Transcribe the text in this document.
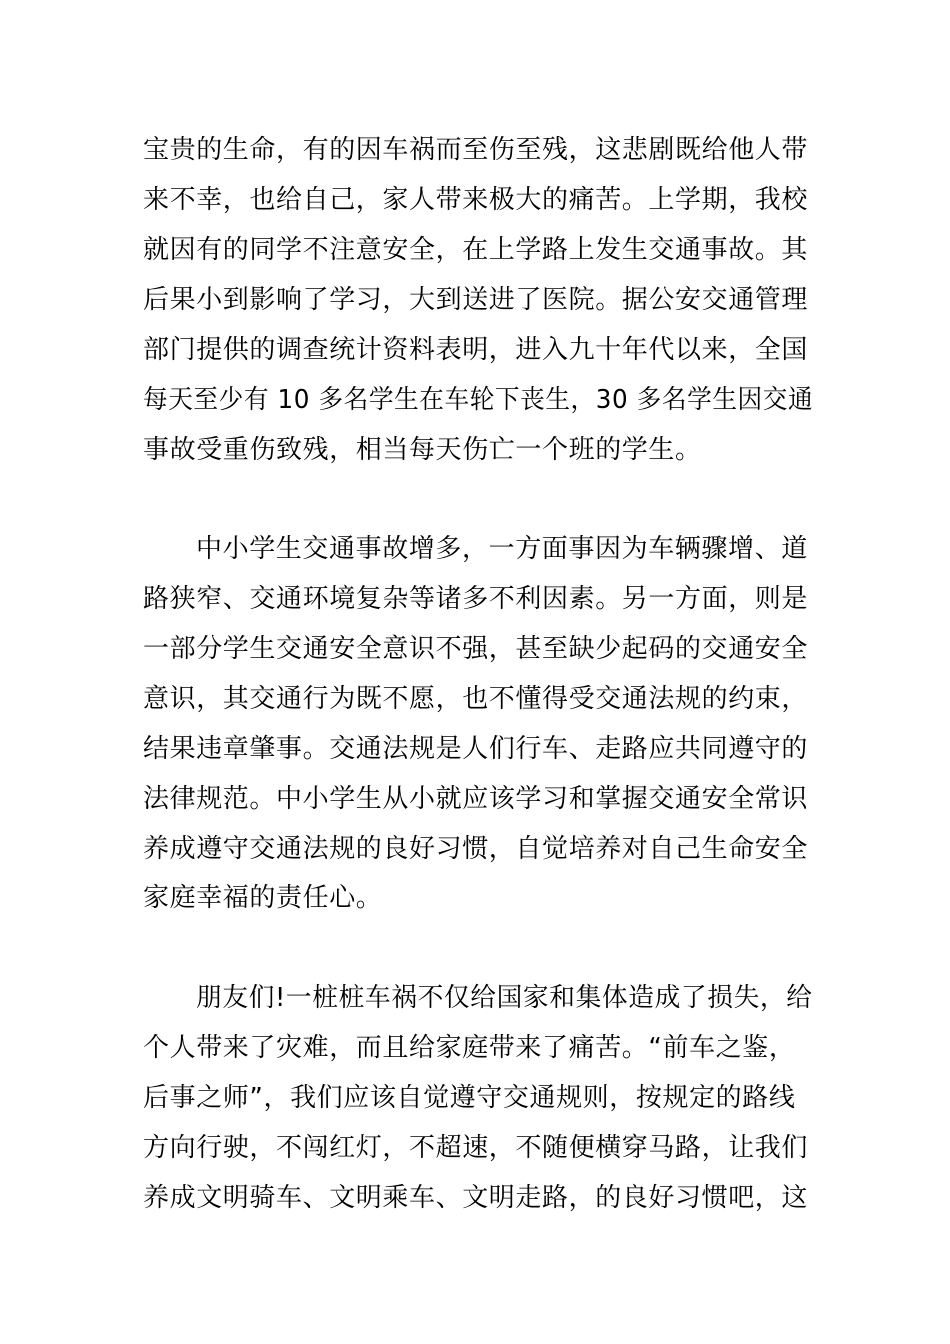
宝贵的生命，有的因车祸而至伤至残，这悲剧既给他人带
来不幸，也给自己，家人带来极大的痛苦。上学期，我校
就因有的同学不注意安全，在上学路上发生交通事故。其
后果小到影响了学习，大到送进了医院。据公安交通管理
部门提供的调查统计资料表明，进入九十年代以来，全国
每天至少有 10 多名学生在车轮下丧生，30 多名学生因交通
事故受重伤致残，相当每天伤亡一个班的学生。
中小学生交通事故增多，一方面事因为车辆骤增、道
路狭窄、交通环境复杂等诸多不利因素。另一方面，则是
一部分学生交通安全意识不强，甚至缺少起码的交通安全
意识，其交通行为既不愿，也不懂得受交通法规的约束，
结果违章肇事。交通法规是人们行车、走路应共同遵守的
法律规范。中小学生从小就应该学习和掌握交通安全常识
养成遵守交通法规的良好习惯，自觉培养对自己生命安全
家庭幸福的责任心。
朋友们!一桩桩车祸不仅给国家和集体造成了损失，给
个人带来了灾难，而且给家庭带来了痛苦。“前车之鉴，
后事之师”，我们应该自觉遵守交通规则，按规定的路线
方向行驶，不闯红灯，不超速，不随便横穿马路，让我们
养成文明骑车、文明乘车、文明走路，的良好习惯吧，这
